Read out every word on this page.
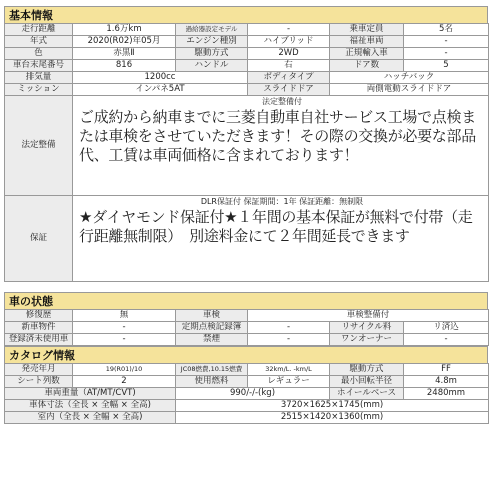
基本情報
走行距離	1.6万km	過給器設定モデル	-	乗車定員	5名
年式	2020(R02)年05月	エンジン種別	ハイブリッド	福祉車両	-
色	赤黒Ⅱ	駆動方式	2WD	正規輸入車	-
車台末尾番号	816	ハンドル	右	ドア数	5
排気量	1200cc		ボディタイプ	ハッチバック	
ミッション	インパネ5AT		スライドドア	両側電動スライドドア	
法定整備	法定整備付
ご成約から納車までに三菱自動車自社サービス工場で点検または車検をさせていただきます！その際の交換が必要な部品代、工賃は車両価格に含まれております！				

保証	DLR保証付 保証期間：1年 保証距離：無制限
★ダイヤモンド保証付★１年間の基本保証が無料で付帯（走行距離無制限）　別途料金にて２年間延長できます				
車の状態
修復歴	無	車検	車検整備付		
新車物件	-	定期点検記録簿	-	リサイクル料	リ済込
登録済未使用車	-	禁煙	-	ワンオーナー	-
カタログ情報
発売年月	19(R01)/10	JC08燃費,10.15燃費	32km/L. -km/L	駆動方式	FF
シート列数	2	使用燃料	レギュラー	最小回転半径	4.8m
車両重量（AT/MT/CVT)		990/-/-(kg)		ホイールベース	2480mm
車体寸法（全長 × 全幅 × 全高)		3720×1625×1745(mm)			
室内（全長 × 全幅 × 全高)		2515×1420×1360(mm)			
